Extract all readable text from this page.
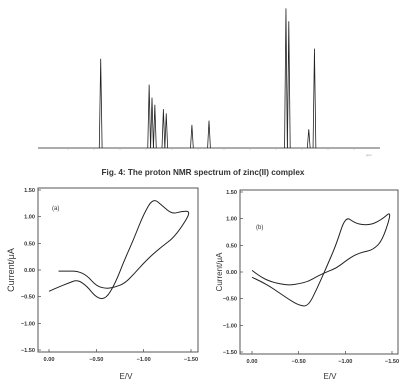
ppm
Fig. 4: The proton NMR spectrum of zinc(II) complex
(a)
1.50
1.00
0.50
0.00
−0.50
−1.00
−1.50
0.00	−0.50	−1.00	−1.50
Current/μA
E/V
(b)
1.50
1.00
0.50
0.00
−0.50
−1.00
−1.50
0.00	−0.50	−1.00	−1.50
Current/μA
E/V
